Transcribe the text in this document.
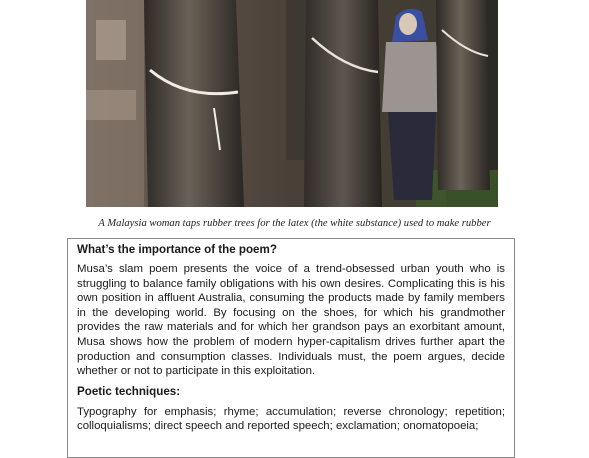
A Malaysia woman taps rubber trees for the latex (the white substance) used to make rubber
What’s the importance of the poem?

Musa’s slam poem presents the voice of a trend-obsessed urban youth who is struggling to balance family obligations with his own desires. Complicating this is his own position in affluent Australia, consuming the products made by family members in the developing world. By focusing on the shoes, for which his grandmother provides the raw materials and for which her grandson pays an exorbitant amount, Musa shows how the problem of modern hyper-capitalism drives further apart the production and consumption classes. Individuals must, the poem argues, decide whether or not to participate in this exploitation.

Poetic techniques:

Typography for emphasis; rhyme; accumulation; reverse chronology; repetition; colloquialisms; direct speech and reported speech; exclamation; onomatopoeia;
